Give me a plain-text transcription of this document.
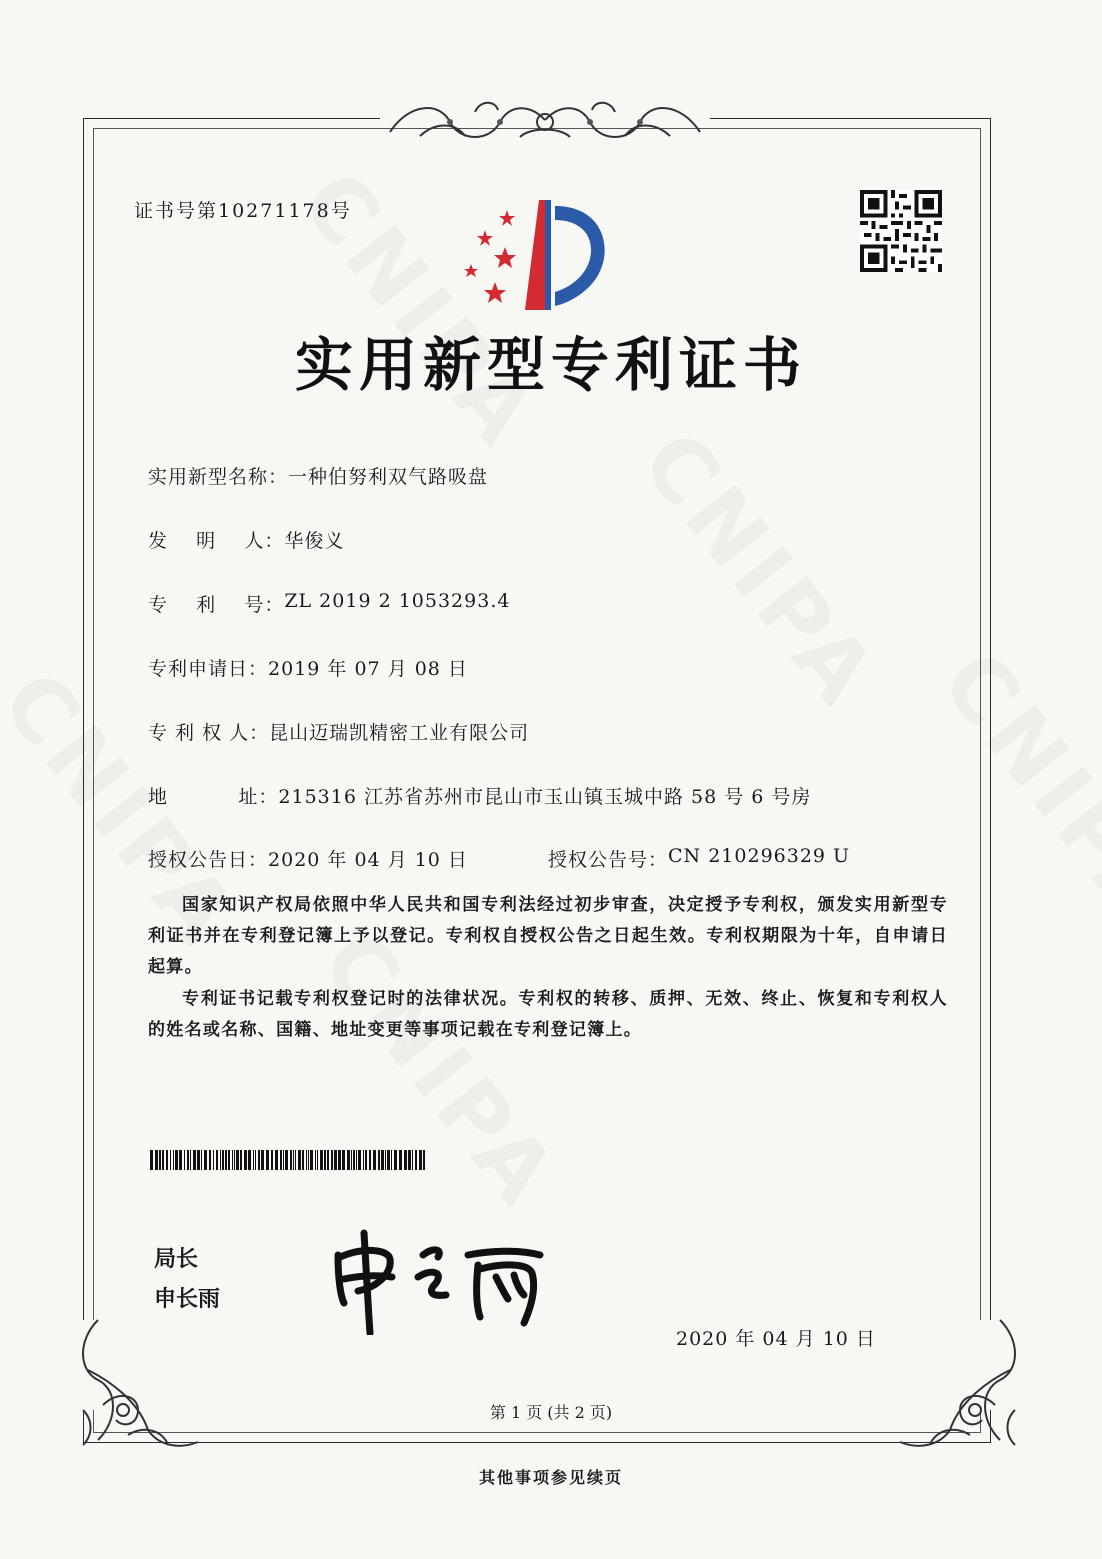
证书号第10271178号
实用新型专利证书
实用新型名称： 一种伯努利双气路吸盘
发    明    人： 华俊义
专    利    号： ZL 2019 2 1053293.4
专利申请日： 2019 年 07 月 08 日
专 利 权 人： 昆山迈瑞凯精密工业有限公司
地          址： 215316 江苏省苏州市昆山市玉山镇玉城中路 58 号 6 号房
授权公告日： 2020 年 04 月 10 日	授权公告号： CN 210296329 U
国家知识产权局依照中华人民共和国专利法经过初步审查，决定授予专利权，颁发实用新型专利证书并在专利登记簿上予以登记。专利权自授权公告之日起生效。专利权期限为十年，自申请日起算。
专利证书记载专利权登记时的法律状况。专利权的转移、质押、无效、终止、恢复和专利权人的姓名或名称、国籍、地址变更等事项记载在专利登记簿上。
局长
申长雨
2020 年 04 月 10 日
第 1 页 (共 2 页)
其他事项参见续页
